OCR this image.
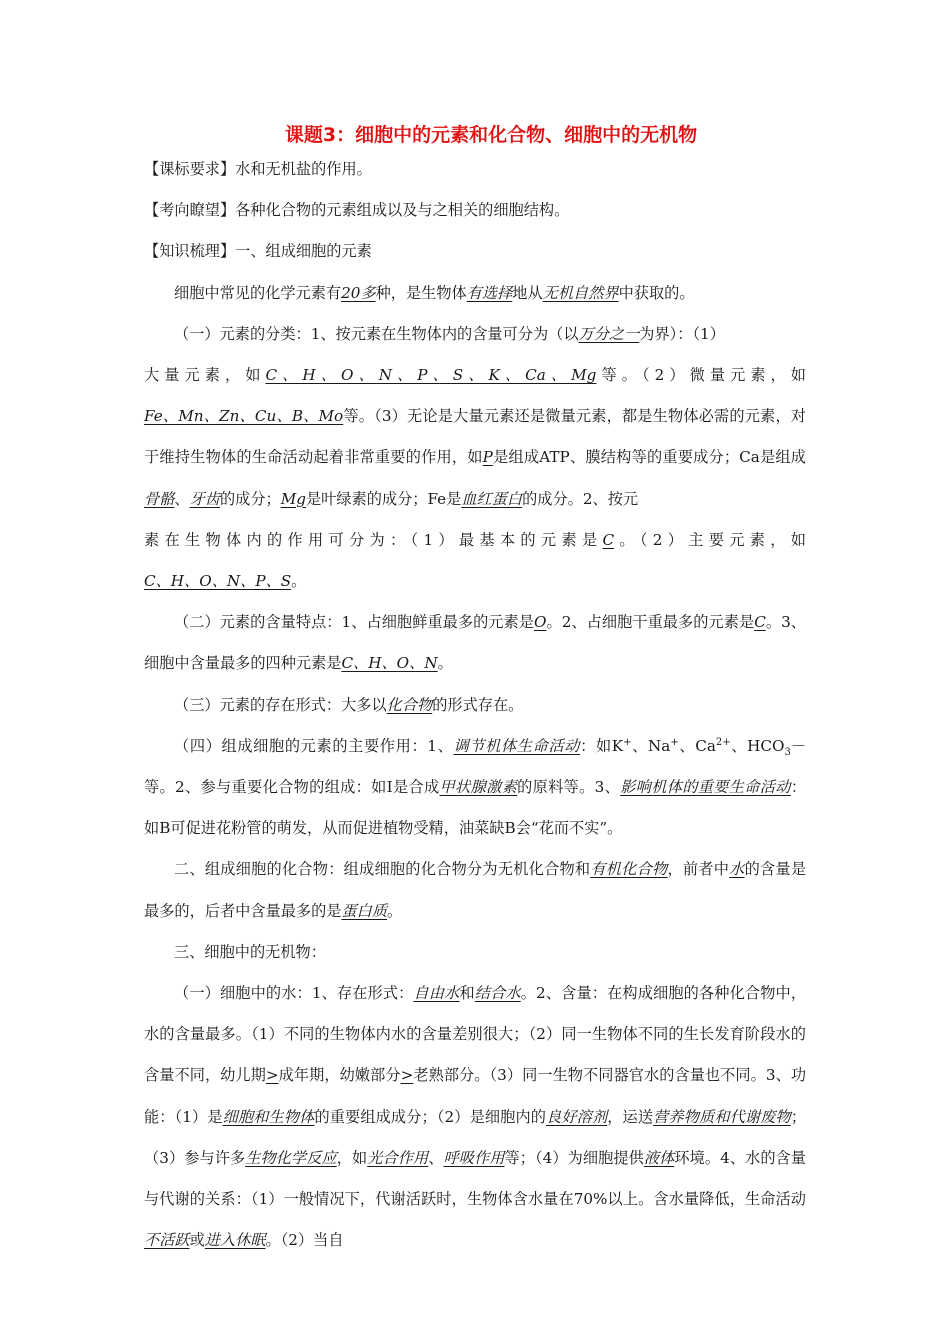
课题3：细胞中的元素和化合物、细胞中的无机物

【课标要求】水和无机盐的作用。

【考向瞭望】各种化合物的元素组成以及与之相关的细胞结构。

【知识梳理】一、组成细胞的元素

细胞中常见的化学元素有20多种，是生物体有选择地从无机自然界中获取的。

（一）元素的分类：1、按元素在生物体内的含量可分为（以万分之一为界）：（1）

大量元素，如C、H、O、N、P、S、K、Ca、Mg等。（2）微量元素，如

Fe、Mn、Zn、Cu、B、Mo等。（3）无论是大量元素还是微量元素，都是生物体必需的元素，对于维持生物体的生命活动起着非常重要的作用，如P是组成ATP、膜结构等的重要成分；Ca是组成骨骼、牙齿的成分；Mg是叶绿素的成分；Fe是血红蛋白的成分。2、按元

素在生物体内的作用可分为：（1）最基本的元素是C。（2）主要元素，如

C、H、O、N、P、S。

（二）元素的含量特点：1、占细胞鲜重最多的元素是O。2、占细胞干重最多的元素是C。3、细胞中含量最多的四种元素是C、H、O、N。

（三）元素的存在形式：大多以化合物的形式存在。

（四）组成细胞的元素的主要作用：1、调节机体生命活动：如K+、Na+、$Ca^{2+}$、$HCO_3-$等。2、参与重要化合物的组成：如I是合成甲状腺激素的原料等。3、影响机体的重要生命活动：如B可促进花粉管的萌发，从而促进植物受精，油菜缺B会“花而不实”。

二、组成细胞的化合物：组成细胞的化合物分为无机化合物和有机化合物，前者中水的含量是最多的，后者中含量最多的是蛋白质。

三、细胞中的无机物：

（一）细胞中的水：1、存在形式：自由水和结合水。2、含量：在构成细胞的各种化合物中，水的含量最多。（1）不同的生物体内水的含量差别很大；（2）同一生物体不同的生长发育阶段水的含量不同，幼儿期>成年期，幼嫩部分>老熟部分。（3）同一生物不同器官水的含量也不同。3、功能：（1）是细胞和生物体的重要组成成分；（2）是细胞内的良好溶剂，运送营养物质和代谢废物；（3）参与许多生物化学反应，如光合作用、呼吸作用等；（4）为细胞提供液体环境。4、水的含量与代谢的关系：（1）一般情况下，代谢活跃时，生物体含水量在70%以上。含水量降低，生命活动不活跃或进入休眠。（2）当自
